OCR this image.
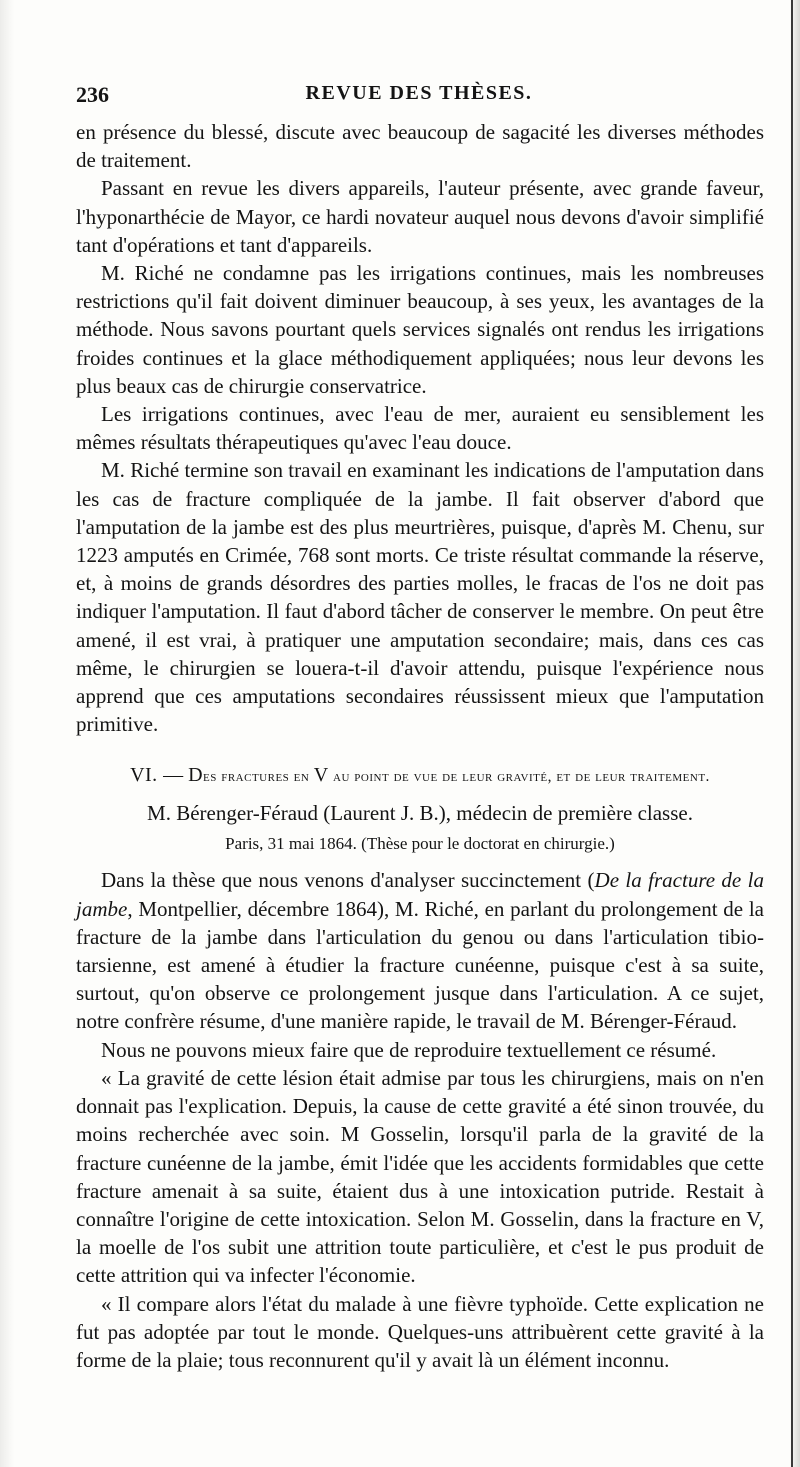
236	REVUE DES THÈSES.

en présence du blessé, discute avec beaucoup de sagacité les diverses méthodes de traitement.

Passant en revue les divers appareils, l'auteur présente, avec grande faveur, l'hyponarthécie de Mayor, ce hardi novateur auquel nous devons d'avoir simplifié tant d'opérations et tant d'appareils.

M. Riché ne condamne pas les irrigations continues, mais les nombreuses restrictions qu'il fait doivent diminuer beaucoup, à ses yeux, les avantages de la méthode. Nous savons pourtant quels services signalés ont rendus les irrigations froides continues et la glace méthodiquement appliquées; nous leur devons les plus beaux cas de chirurgie conservatrice.

Les irrigations continues, avec l'eau de mer, auraient eu sensiblement les mêmes résultats thérapeutiques qu'avec l'eau douce.

M. Riché termine son travail en examinant les indications de l'amputation dans les cas de fracture compliquée de la jambe. Il fait observer d'abord que l'amputation de la jambe est des plus meurtrières, puisque, d'après M. Chenu, sur 1223 amputés en Crimée, 768 sont morts. Ce triste résultat commande la réserve, et, à moins de grands désordres des parties molles, le fracas de l'os ne doit pas indiquer l'amputation. Il faut d'abord tâcher de conserver le membre. On peut être amené, il est vrai, à pratiquer une amputation secondaire; mais, dans ces cas même, le chirurgien se louera-t-il d'avoir attendu, puisque l'expérience nous apprend que ces amputations secondaires réussissent mieux que l'amputation primitive.

VI. — Des fractures en V au point de vue de leur gravité, et de leur traitement.
M. Bérenger-Féraud (Laurent J. B.), médecin de première classe.
Paris, 31 mai 1864. (Thèse pour le doctorat en chirurgie.)

Dans la thèse que nous venons d'analyser succinctement (De la fracture de la jambe, Montpellier, décembre 1864), M. Riché, en parlant du prolongement de la fracture de la jambe dans l'articulation du genou ou dans l'articulation tibio-tarsienne, est amené à étudier la fracture cunéenne, puisque c'est à sa suite, surtout, qu'on observe ce prolongement jusque dans l'articulation. A ce sujet, notre confrère résume, d'une manière rapide, le travail de M. Bérenger-Féraud.

Nous ne pouvons mieux faire que de reproduire textuellement ce résumé.

« La gravité de cette lésion était admise par tous les chirurgiens, mais on n'en donnait pas l'explication. Depuis, la cause de cette gravité a été sinon trouvée, du moins recherchée avec soin. M Gosselin, lorsqu'il parla de la gravité de la fracture cunéenne de la jambe, émit l'idée que les accidents formidables que cette fracture amenait à sa suite, étaient dus à une intoxication putride. Restait à connaître l'origine de cette intoxication. Selon M. Gosselin, dans la fracture en V, la moelle de l'os subit une attrition toute particulière, et c'est le pus produit de cette attrition qui va infecter l'économie.

« Il compare alors l'état du malade à une fièvre typhoïde. Cette explication ne fut pas adoptée par tout le monde. Quelques-uns attribuèrent cette gravité à la forme de la plaie; tous reconnurent qu'il y avait là un élément inconnu.
